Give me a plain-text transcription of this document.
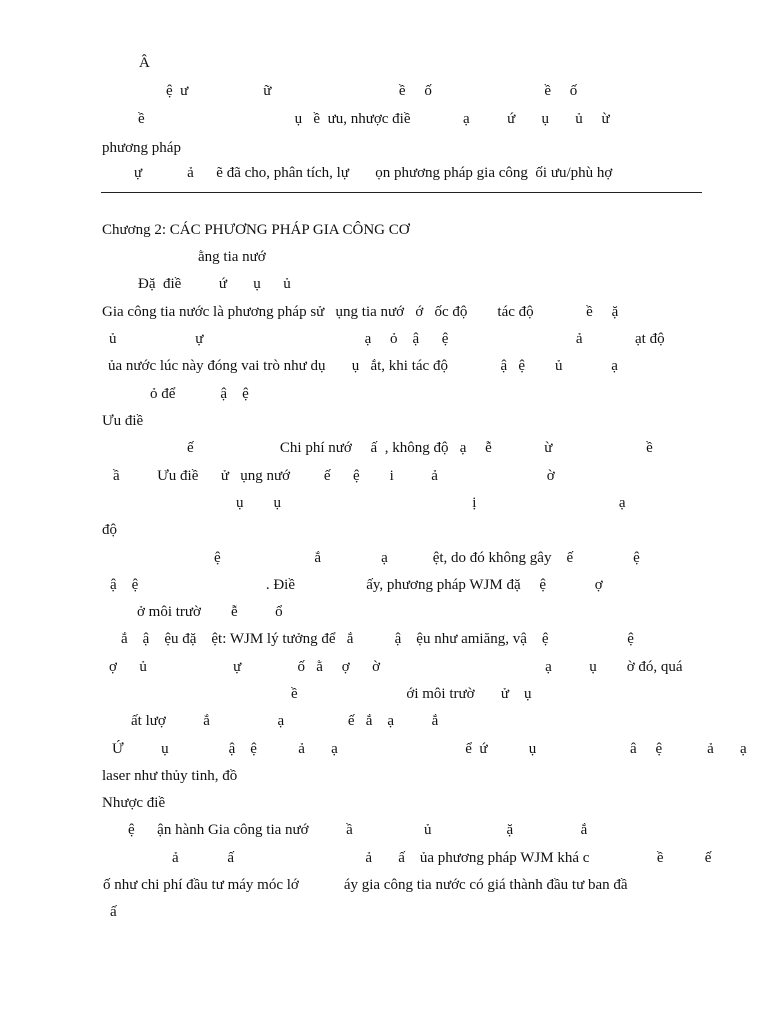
Â
ệ  ư                    ữ                                  ề     ố                              ề     ố
ề                                        ụ   ề  ưu, nhược điề              ạ          ứ       ụ       ủ     ừ
phương pháp
ự            ả      ẽ đã cho, phân tích, lự       ọn phương pháp gia công  ối ưu/phù hợ
Chương 2: CÁC PHƯƠNG PHÁP GIA CÔNG CƠ
ằng tia nướ
Đặ  điề          ứ       ụ      ủ
Gia công tia nước là phương pháp sử   ụng tia nướ   ớ   ốc độ        tác độ              ề     ặ
ủ                     ự                                           ạ     ỏ    ậ      ệ                                  ả              ạt độ
ủa nước lúc này đóng vai trò như dụ       ụ   ắt, khi tác độ              ậ   ệ        ủ             ạ
ỏ để            ậ    ệ
Ưu điề
ế                       Chi phí nướ     ấ  , không độ   ạ     ễ              ừ                         ề
ầ          Ưu điề      ử   ụng nướ         ế      ệ        i          ả                             ờ
ụ        ụ                                                   ị                                      ạ
độ
ệ                         ắ                ạ            ệt, do đó không gây    ế                ệ
ậ    ệ                                  . Điề                   ấy, phương pháp WJM đặ     ệ             ợ
ở môi trườ        ễ          ổ
ắ    ậ    ệu đặ    ệt: WJM lý tưởng để   ắ           ậ    ệu như amiăng, vậ    ệ                     ệ
ợ      ủ                       ự               ố   ằ     ợ      ờ                                            ạ          ụ        ờ đó, quá
ề                             ới môi trườ       ử    ụ
ất lượ          ắ                  ạ                 ế   ắ    ạ          ắ
Ứ          ụ                ậ    ệ           ả       ạ                                  ể  ứ           ụ                         â     ệ            ả       ạ
laser như thủy tinh, đồ
Nhược điề
ệ      ận hành Gia công tia nướ          ầ                   ủ                    ặ                  ắ
ả             ấ                                   ả       ấ    ủa phương pháp WJM khá c                  ề           ế
ố như chi phí đầu tư máy móc lớ            áy gia công tia nước có giá thành đầu tư ban đầ
ấ
